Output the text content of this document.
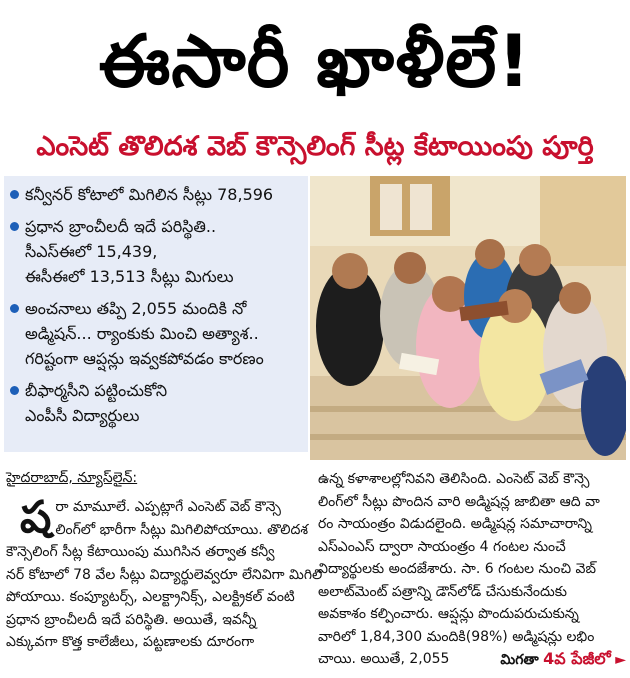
ఈసారీ ఖాళీలే!
ఎంసెట్ తొలిదశ వెబ్ కౌన్సెలింగ్ సీట్ల కేటాయింపు పూర్తి
కన్వీనర్ కోటాలో మిగిలిన సీట్లు 78,596
ప్రధాన బ్రాంచీలదీ ఇదే పరిస్థితి..
సీఎస్ఈలో 15,439,
ఈసీఈలో 13,513 సీట్లు మిగులు
అంచనాలు తప్పి 2,055 మందికి నో
అడ్మిషన్... ర్యాంకుకు మించి అత్యాశ..
గరిష్టంగా ఆప్షన్లు ఇవ్వకపోవడం కారణం
బీఫార్మసీని పట్టించుకోని
ఎంపీసీ విద్యార్థులు
హైదరాబాద్, న్యూస్‌లైన్:
ష రా మామూలే. ఎప్పట్లాగే ఎంసెట్ వెబ్ కౌన్సె
లింగ్‌లో భారీగా సీట్లు మిగిలిపోయాయి. తొలిదశ
కౌన్సెలింగ్ సీట్ల కేటాయింపు ముగిసిన తర్వాత కన్వీ
నర్ కోటాలో 78 వేల సీట్లు విద్యార్థులెవ్వరూ లేనివిగా మిగిలి
పోయాయి. కంప్యూటర్స్, ఎలక్ట్రానిక్స్, ఎలక్ట్రికల్ వంటి
ప్రధాన బ్రాంచీలదీ ఇదే పరిస్థితి. అయితే, ఇవన్నీ
ఎక్కువగా కొత్త కాలేజీలు, పట్టణాలకు దూరంగా
ఉన్న కళాశాలల్లోనివని తెలిసింది. ఎంసెట్ వెబ్ కౌన్సె
లింగ్‌లో సీట్లు పొందిన వారి అడ్మిషన్ల జాబితా ఆది వా
రం సాయంత్రం విడుదలైంది. అడ్మిషన్ల సమాచారాన్ని
ఎస్ఎంఎస్ ద్వారా సాయంత్రం 4 గంటల నుంచే
విద్యార్థులకు అందజేశారు. సా. 6 గంటల నుంచి వెబ్
అలాట్‌మెంట్ పత్రాన్ని డౌన్‌లోడ్ చేసుకునేందుకు
అవకాశం కల్పించారు. ఆప్షన్లు పొందుపరుచుకున్న
వారిలో 1,84,300 మందికి(98%) అడ్మిషన్లు లభిం
చాయి. అయితే, 2,055	మిగతా 4వ పేజీలో ►
